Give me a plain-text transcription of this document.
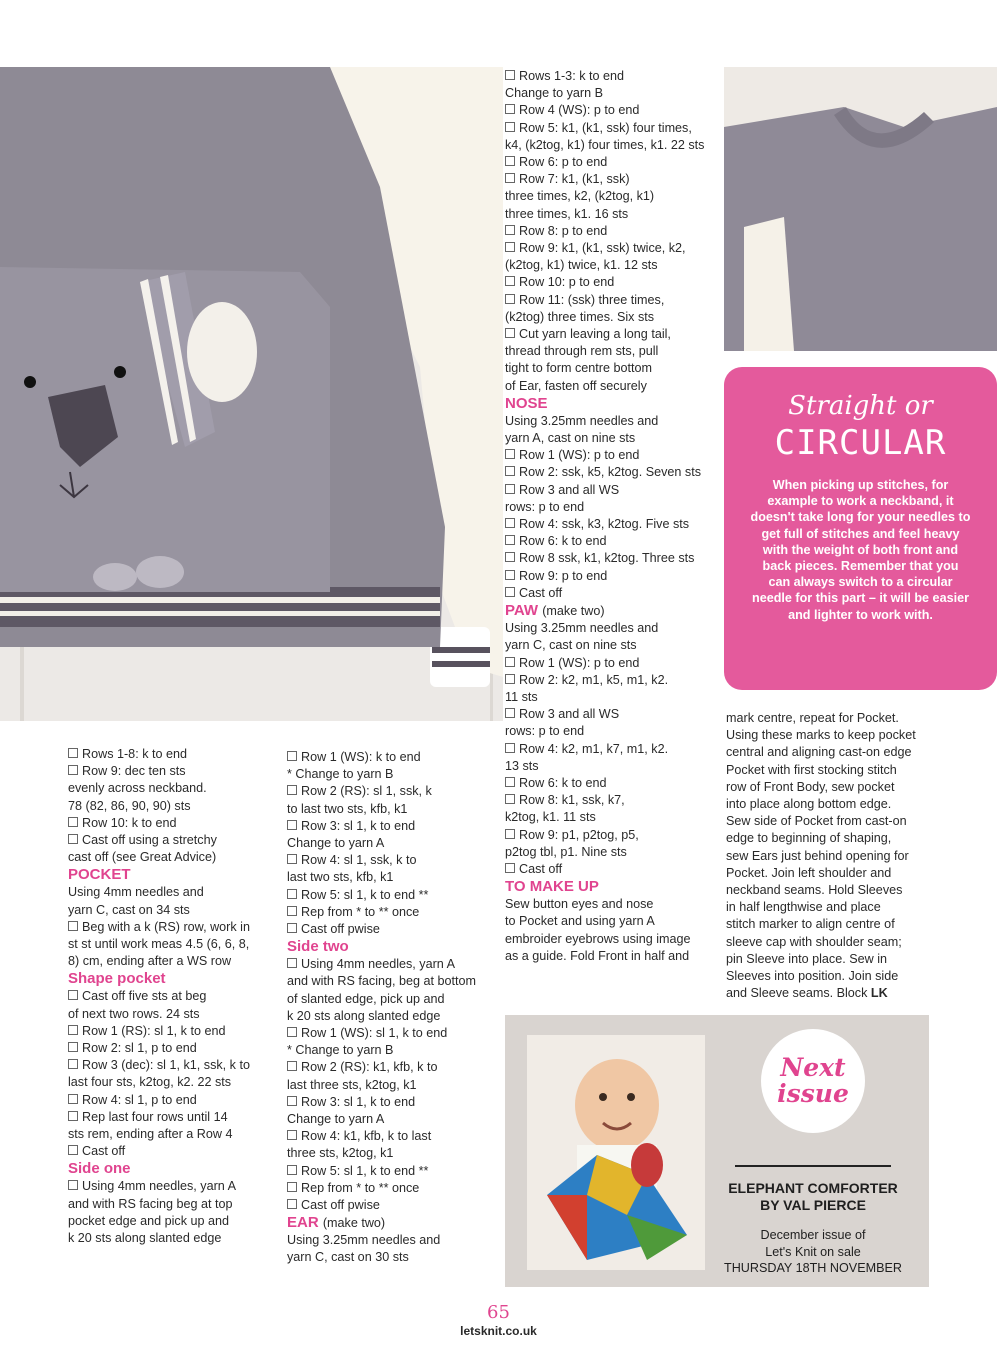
Rows 1-3: k to end

Change to yarn B

Row 4 (WS): p to end

Row 5: k1, (k1, ssk) four times,

k4, (k2tog, k1) four times, k1. 22 sts

Row 6: p to end

Row 7: k1, (k1, ssk)

three times, k2, (k2tog, k1)

three times, k1. 16 sts

Row 8: p to end

Row 9: k1, (k1, ssk) twice, k2,

(k2tog, k1) twice, k1. 12 sts

Row 10: p to end

Row 11: (ssk) three times,

(k2tog) three times. Six sts

Cut yarn leaving a long tail,

thread through rem sts, pull

tight to form centre bottom

of Ear, fasten off securely

NOSE

Using 3.25mm needles and

yarn A, cast on nine sts

Row 1 (WS): p to end

Row 2: ssk, k5, k2tog. Seven sts

Row 3 and all WS

rows: p to end

Row 4: ssk, k3, k2tog. Five sts

Row 6: k to end

Row 8 ssk, k1, k2tog. Three sts

Row 9: p to end

Cast off

PAW (make two)

Using 3.25mm needles and

yarn C, cast on nine sts

Row 1 (WS): p to end

Row 2: k2, m1, k5, m1, k2.

11 sts

Row 3 and all WS

rows: p to end

Row 4: k2, m1, k7, m1, k2.

13 sts

Row 6: k to end

Row 8: k1, ssk, k7,

k2tog, k1. 11 sts

Row 9: p1, p2tog, p5,

p2tog tbl, p1. Nine sts

Cast off

TO MAKE UP

Sew button eyes and nose

to Pocket and using yarn A

embroider eyebrows using image

as a guide. Fold Front in half and

Straight or
CIRCULAR
When picking up stitches, for example to work a neckband, it doesn't take long for your needles to get full of stitches and feel heavy with the weight of both front and back pieces. Remember that you can always switch to a circular needle for this part – it will be easier and lighter to work with.

Rows 1-8: k to end

Row 9: dec ten sts

evenly across neckband.

78 (82, 86, 90, 90) sts

Row 10: k to end

Cast off using a stretchy

cast off (see Great Advice)

POCKET

Using 4mm needles and

yarn C, cast on 34 sts

Beg with a k (RS) row, work in

st st until work meas 4.5 (6, 6, 8,

8) cm, ending after a WS row

Shape pocket

Cast off five sts at beg

of next two rows. 24 sts

Row 1 (RS): sl 1, k to end

Row 2: sl 1, p to end

Row 3 (dec): sl 1, k1, ssk, k to

last four sts, k2tog, k2. 22 sts

Row 4: sl 1, p to end

Rep last four rows until 14

sts rem, ending after a Row 4

Cast off

Side one

Using 4mm needles, yarn A

and with RS facing beg at top

pocket edge and pick up and

k 20 sts along slanted edge

Row 1 (WS): k to end

* Change to yarn B

Row 2 (RS): sl 1, ssk, k

to last two sts, kfb, k1

Row 3: sl 1, k to end

Change to yarn A

Row 4: sl 1, ssk, k to

last two sts, kfb, k1

Row 5: sl 1, k to end **

Rep from * to ** once

Cast off pwise

Side two

Using 4mm needles, yarn A

and with RS facing, beg at bottom

of slanted edge, pick up and

k 20 sts along slanted edge

Row 1 (WS): sl 1, k to end

* Change to yarn B

Row 2 (RS): k1, kfb, k to

last three sts, k2tog, k1

Row 3: sl 1, k to end

Change to yarn A

Row 4: k1, kfb, k to last

three sts, k2tog, k1

Row 5: sl 1, k to end **

Rep from * to ** once

Cast off pwise

EAR (make two)

Using 3.25mm needles and

yarn C, cast on 30 sts

mark centre, repeat for Pocket.

Using these marks to keep pocket

central and aligning cast-on edge

Pocket with first stocking stitch

row of Front Body, sew pocket

into place along bottom edge.

Sew side of Pocket from cast-on

edge to beginning of shaping,

sew Ears just behind opening for

Pocket. Join left shoulder and

neckband seams. Hold Sleeves

in half lengthwise and place

stitch marker to align centre of

sleeve cap with shoulder seam;

pin Sleeve into place. Sew in

Sleeves into position. Join side

and Sleeve seams. Block LK

Next
issue
ELEPHANT COMFORTER
BY VAL PIERCE
December issue of
Let's Knit on sale
THURSDAY 18TH NOVEMBER
65
letsknit.co.uk
